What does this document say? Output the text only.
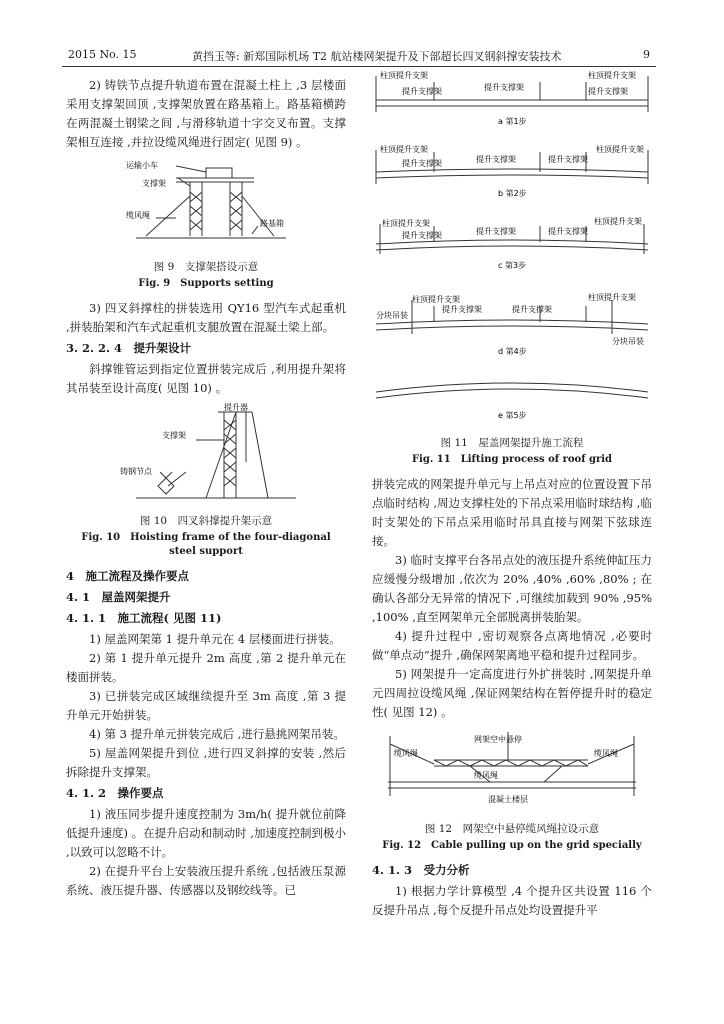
2015 No. 15	黄挡玉等: 新郑国际机场 T2 航站楼网架提升及下部超长四叉钢斜撑安装技术	9

2) 铸铁节点提升轨道布置在混凝土柱上 ,3 层楼面采用支撑架回顶 ,支撑架放置在路基箱上。路基箱横跨在两混凝土钢梁之间 ,与滑移轨道十字交叉布置。支撑架相互连接 ,并拉设缆风绳进行固定( 见图 9) 。

运输小车
支撑架
缆风绳
路基箱
图 9　支撑架搭设示意
Fig. 9　Supports setting

3) 四叉斜撑柱的拼装选用 QY16 型汽车式起重机 ,拼装胎架和汽车式起重机支腿放置在混凝土梁上部。

3. 2. 2. 4　提升架设计

斜撑锥管运到指定位置拼装完成后 ,利用提升架将其吊装至设计高度( 见图 10) 。

提升器
支撑架
铸钢节点
图 10　四叉斜撑提升架示意
Fig. 10　Hoisting frame of the four-diagonal
steel support
4　施工流程及操作要点
4. 1　屋盖网架提升
4. 1. 1　施工流程( 见图 11)

1) 屋盖网架第 1 提升单元在 4 层楼面进行拼装。

2) 第 1 提升单元提升 2m 高度 ,第 2 提升单元在楼面拼装。

3) 已拼装完成区域继续提升至 3m 高度 ,第 3 提升单元开始拼装。

4) 第 3 提升单元拼装完成后 ,进行悬挑网架吊装。

5) 屋盖网架提升到位 ,进行四叉斜撑的安装 ,然后拆除提升支撑架。

4. 1. 2　操作要点

1) 液压同步提升速度控制为 3m/h( 提升就位前降低提升速度) 。在提升启动和制动时 ,加速度控制到极小 ,以致可以忽略不计。

2) 在提升平台上安装液压提升系统 ,包括液压泵源系统、液压提升器、传感器以及钢绞线等。已

柱顶提升支架
提升支撑架	提升支撑架
柱顶提升支架
提升支撑架
a 第1步
柱顶提升支架
提升支撑架	提升支撑架	提升支撑架
柱顶提升支架
b 第2步
柱顶提升支架
提升支撑架	提升支撑架	提升支撑架
柱顶提升支架
c 第3步
柱顶提升支架
分块吊装
提升支撑架	提升支撑架
柱顶提升支架
分块吊装
d 第4步
e 第5步
图 11　屋盖网架提升施工流程
Fig. 11　Lifting process of roof grid

拼装完成的网架提升单元与上吊点对应的位置设置下吊点临时结构 ,周边支撑柱处的下吊点采用临时球结构 ,临时支架处的下吊点采用临时吊具直接与网架下弦球连接。

3) 临时支撑平台各吊点处的液压提升系统伸缸压力应缓慢分级增加 ,依次为 20% ,40% ,60% ,80% ; 在确认各部分无异常的情况下 ,可继续加载到 90% ,95% ,100% ,直至网架单元全部脱离拼装胎架。

4) 提升过程中 ,密切观察各点离地情况 ,必要时做“单点动”提升 ,确保网架离地平稳和提升过程同步。

5) 网架提升一定高度进行外扩拼装时 ,网架提升单元四周拉设缆风绳 ,保证网架结构在暂停提升时的稳定性( 见图 12) 。

网架空中悬停
缆风绳
缆风绳
缆风绳
混凝土楼层
图 12　网架空中悬停缆风绳拉设示意
Fig. 12　Cable pulling up on the grid specially
4. 1. 3　受力分析

1) 根据力学计算模型 ,4 个提升区共设置 116 个反提升吊点 ,每个反提升吊点处均设置提升平
